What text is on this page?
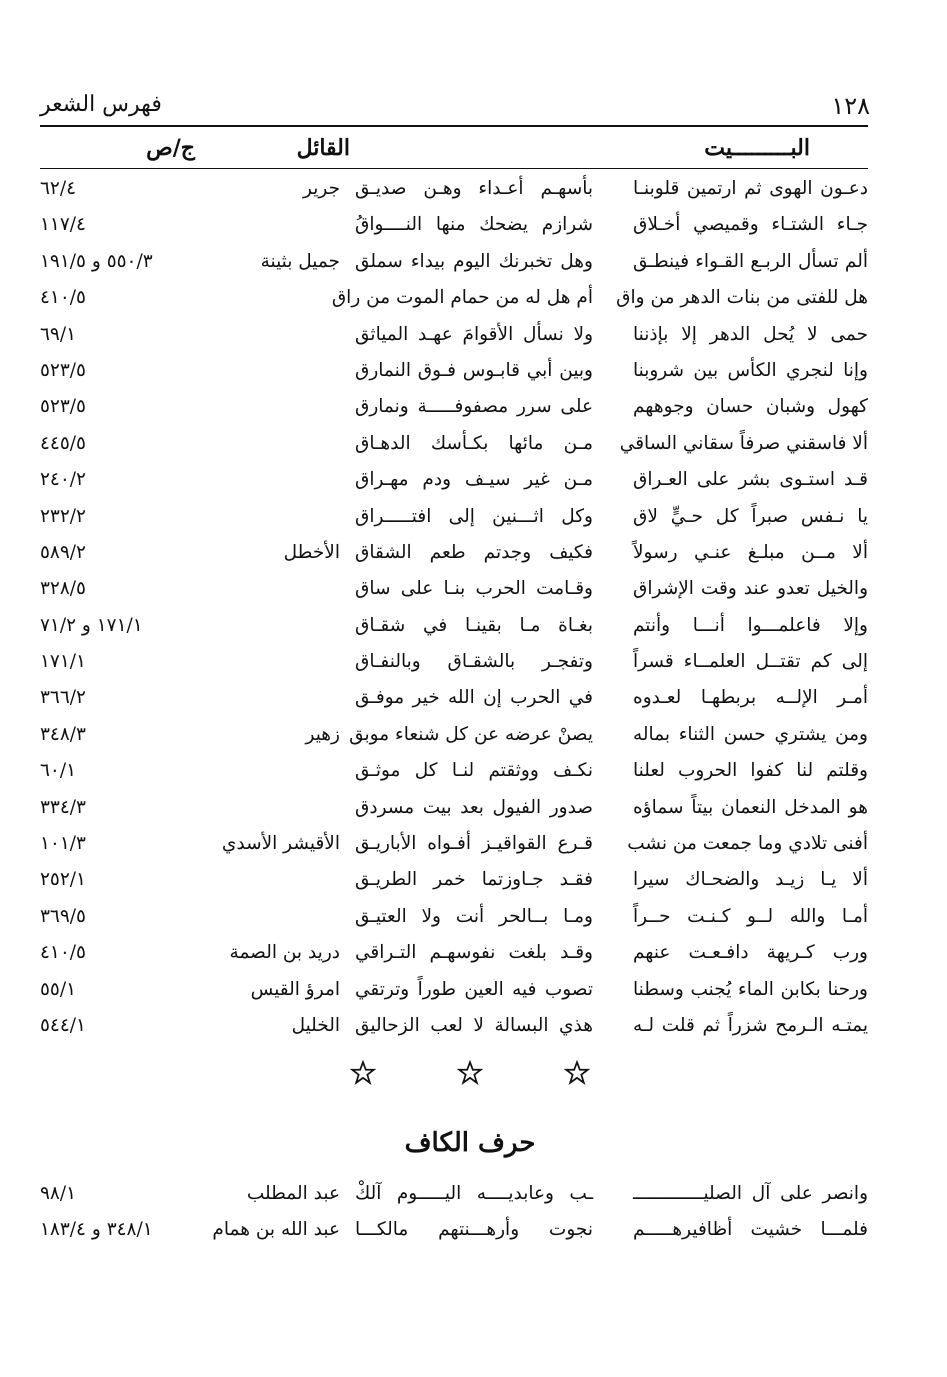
١٢٨
فهرس الشعر
البـــــــــيت
القائل
ج/ص
دعـون الهوى ثم ارتمين قلوبنـا
بأسهـم أعـداء وهـن صديـق
جرير
٦٢/٤
جـاء الشتـاء وقميصي أخـلاق
شرازم يضحك منها النــــواقُ
١١٧/٤
ألم تسأل الربـع القـواء فينطـق
وهل تخبرنك اليوم بيداء سملق
جميل بثينة
٥٥٠/٣ و ١٩١/٥
هل للفتى من بنات الدهر من واق
أم هل له من حمام الموت من راق
٤١٠/٥
حمى لا يُحل الدهر إلا بإذننا
ولا نسأل الأقوامَ عهـد المياثق
٦٩/١
وإنا لنجري الكأس بين شروبنا
وبين أبي قابـوس فـوق النمارق
٥٢٣/٥
كهول وشبان حسان وجوههم
على سرر مصفوفـــــة ونمارق
٥٢٣/٥
ألا فاسقني صرفاً سقاني الساقي
مـن مائها بكـأسك الدهـاق
٤٤٥/٥
قـد استـوى بشر على العـراق
مـن غير سيـف ودم مهـراق
٢٤٠/٢
يا نـفس صبراً كل حـيٍّ لاق
وكل اثـــنين إلى افتـــــراق
٢٣٢/٢
ألا مــن مبلـغ عنـي رسولاً
فكيف وجدتم طعم الشقاق
الأخطل
٥٨٩/٢
والخيل تعدو عند وقت الإشراق
وقـامت الحرب بنـا على ساق
٣٢٨/٥
وإلا فاعلمـــوا أنـــا وأنتم
بغـاة مـا بقينـا في شقـاق
١٧١/١ و ٧١/٢
إلى كم تقتــل العلمــاء قسراً
وتفجـر بالشقـاق وبالنفـاق
١٧١/١
أمـر الإلــه بربطهـا لعـدوه
في الحرب إن الله خير موفـق
٣٦٦/٢
ومن يشتري حسن الثناء بماله
يصنْ عرضه عن كل شنعاء موبق
زهير
٣٤٨/٣
وقلتم لنا كفوا الحروب لعلنا
نكـف ووثقتم لنـا كل موثـق
٦٠/١
هو المدخل النعمان بيتاً سماؤه
صدور الفيول بعد بيت مسردق
٣٣٤/٣
أفنى تلادي وما جمعت من نشب
قـرع القواقيـز أفـواه الأباريـق
الأقيشر الأسدي
١٠١/٣
ألا يـا زيـد والضحـاك سيرا
فقـد جـاوزتما خمر الطريـق
٢٥٢/١
أمـا والله لــو كـنـت حــراً
ومـا بــالحر أنت ولا العتيـق
٣٦٩/٥
ورب كـريهة دافـعـت عنهم
وقـد بلغت نفوسهـم التـراقي
دريد بن الصمة
٤١٠/٥
ورحنا بكابن الماء يُجنب وسطنا
تصوب فيه العين طوراً وترتقي
امرؤ القيس
٥٥/١
يمتـه الـرمح شزراً ثم قلت لـه
هذي البسالة لا لعب الزحاليق
الخليل
٥٤٤/١
حرف الكاف
وانصر على آل الصليـــــــــــــ
ـب وعابديــــه اليـــــوم آلكْ
عبد المطلب
٩٨/١
فلمـــا خشيت أظافيرهـــــم
نجوت وأرهـــنتهم مالكـــا
عبد الله بن همام
٣٤٨/١ و ١٨٣/٤
